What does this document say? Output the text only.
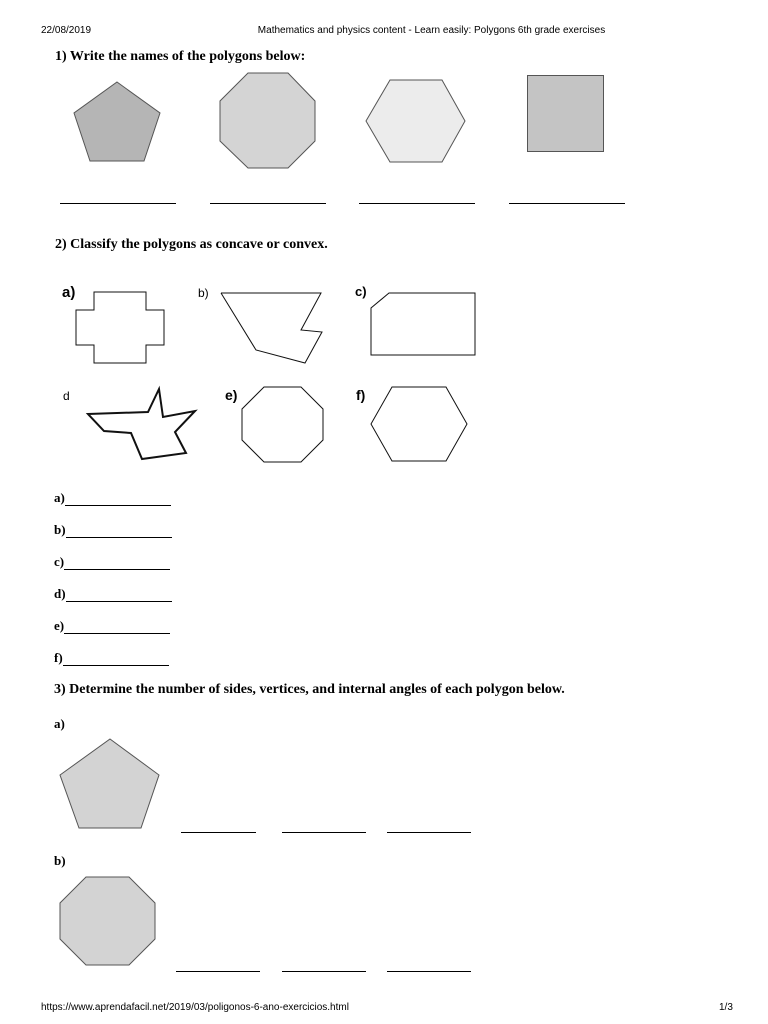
22/08/2019	Mathematics and physics content - Learn easily: Polygons 6th grade exercises
1) Write the names of the polygons below:
2) Classify the polygons as concave or convex.
a)	b)	c)
d	e)	f)
a)
b)
c)
d)
e)
f)
3) Determine the number of sides, vertices, and internal angles of each polygon below.
a)
b)
https://www.aprendafacil.net/2019/03/poligonos-6-ano-exercicios.html	1/3
